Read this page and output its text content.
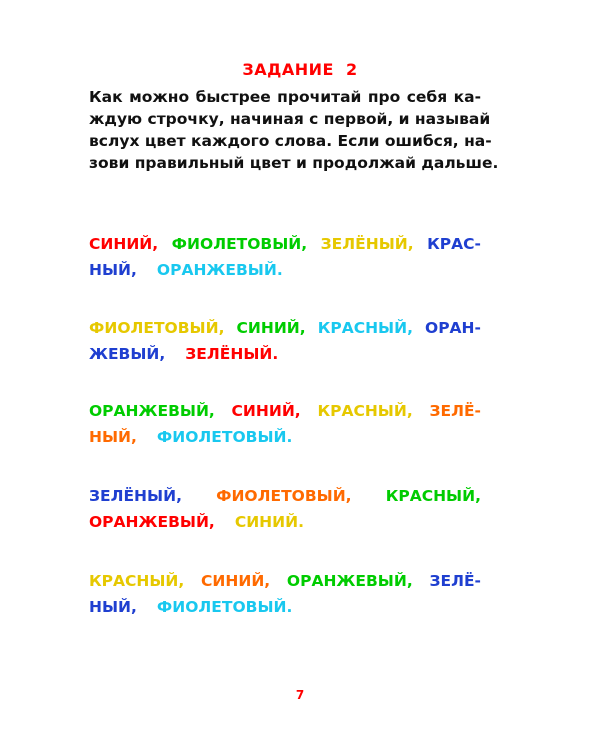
ЗАДАНИЕ 2
Как можно быстрее прочитай про себя ка-
ждую строчку, начиная с первой, и называй
вслух цвет каждого слова. Если ошибся, на-
зови правильный цвет и продолжай дальше.
СИНИЙ, ФИОЛЕТОВЫЙ, ЗЕЛЁНЫЙ, КРАС-
НЫЙ, ОРАНЖЕВЫЙ.
ФИОЛЕТОВЫЙ, СИНИЙ, КРАСНЫЙ, ОРАН-
ЖЕВЫЙ, ЗЕЛЁНЫЙ.
ОРАНЖЕВЫЙ, СИНИЙ, КРАСНЫЙ, ЗЕЛЁ-
НЫЙ, ФИОЛЕТОВЫЙ.
ЗЕЛЁНЫЙ, ФИОЛЕТОВЫЙ, КРАСНЫЙ,
ОРАНЖЕВЫЙ, СИНИЙ.
КРАСНЫЙ, СИНИЙ, ОРАНЖЕВЫЙ, ЗЕЛЁ-
НЫЙ, ФИОЛЕТОВЫЙ.
7
